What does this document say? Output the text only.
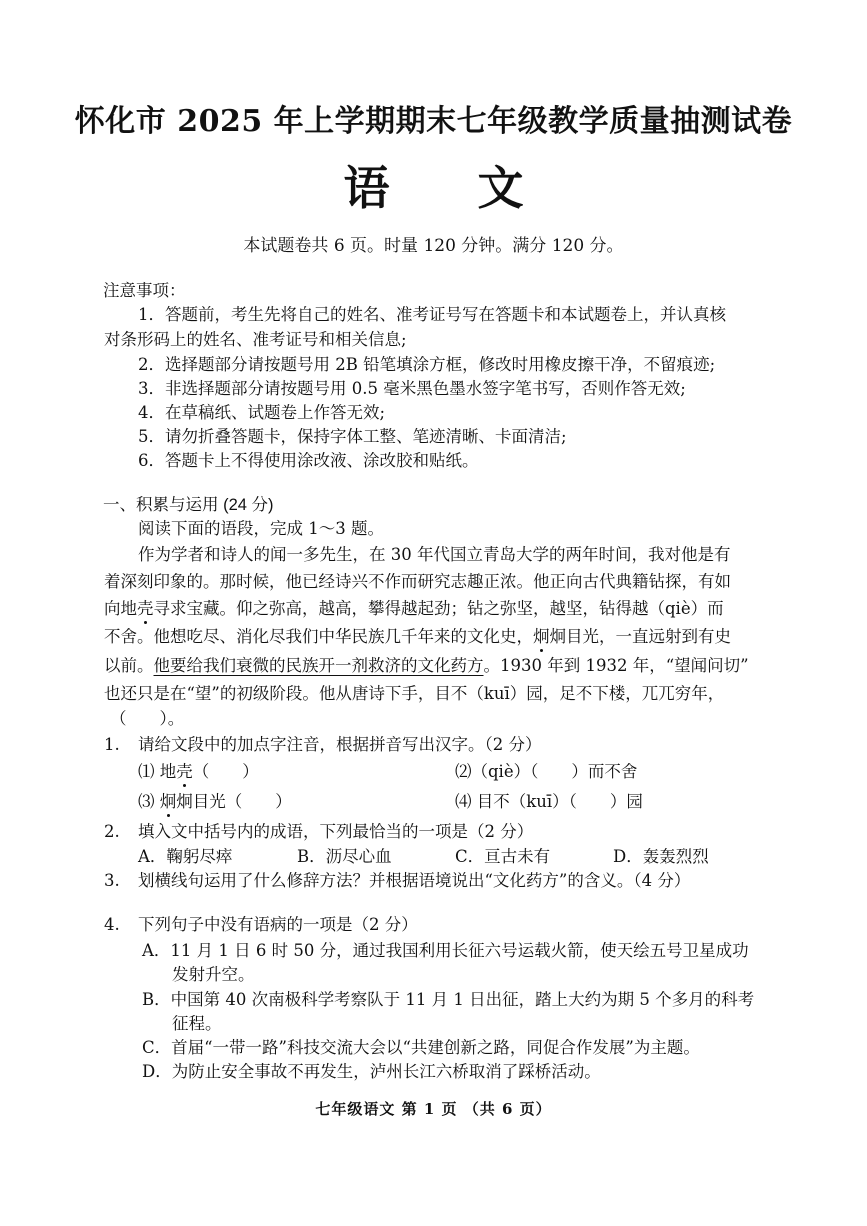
怀化市 2025 年上学期期末七年级教学质量抽测试卷
语 文
本试题卷共 6 页。时量 120 分钟。满分 120 分。
注意事项：
1．答题前，考生先将自己的姓名、准考证号写在答题卡和本试题卷上，并认真核
对条形码上的姓名、准考证号和相关信息;
2．选择题部分请按题号用 2B 铅笔填涂方框，修改时用橡皮擦干净，不留痕迹;
3．非选择题部分请按题号用 0.5 毫米黑色墨水签字笔书写，否则作答无效;
4．在草稿纸、试题卷上作答无效;
5．请勿折叠答题卡，保持字体工整、笔迹清晰、卡面清洁;
6．答题卡上不得使用涂改液、涂改胶和贴纸。
一、积累与运用 (24 分)
阅读下面的语段，完成 1～3 题。
作为学者和诗人的闻一多先生，在 30 年代国立青岛大学的两年时间，我对他是有
着深刻印象的。那时候，他已经诗兴不作而研究志趣正浓。他正向古代典籍钻探，有如
向地壳寻求宝藏。仰之弥高，越高，攀得越起劲；钻之弥坚，越坚，钻得越（qiè）而
不舍。他想吃尽、消化尽我们中华民族几千年来的文化史，炯炯目光，一直远射到有史
以前。他要给我们衰微的民族开一剂救济的文化药方。1930 年到 1932 年，“望闻问切”
也还只是在“望”的初级阶段。他从唐诗下手，目不（kuī）园，足不下楼，兀兀穷年，
（　　）。
1. 请给文段中的加点字注音，根据拼音写出汉字。（2 分）
⑴ 地壳（　　）	⑵（qiè）（　　）而不舍
⑶ 炯炯目光（　　）	⑷ 目不（kuī）（　　）园
2. 填入文中括号内的成语，下列最恰当的一项是（2 分）
A．鞠躬尽瘁	B．沥尽心血	C．亘古未有	D．轰轰烈烈
3. 划横线句运用了什么修辞方法？并根据语境说出“文化药方”的含义。（4 分）
4. 下列句子中没有语病的一项是（2 分）
A．11 月 1 日 6 时 50 分，通过我国利用长征六号运载火箭，使天绘五号卫星成功
发射升空。
B．中国第 40 次南极科学考察队于 11 月 1 日出征，踏上大约为期 5 个多月的科考
征程。
C．首届“一带一路”科技交流大会以“共建创新之路，同促合作发展”为主题。
D．为防止安全事故不再发生，泸州长江六桥取消了踩桥活动。
七年级语文 第 1 页 （共 6 页）
